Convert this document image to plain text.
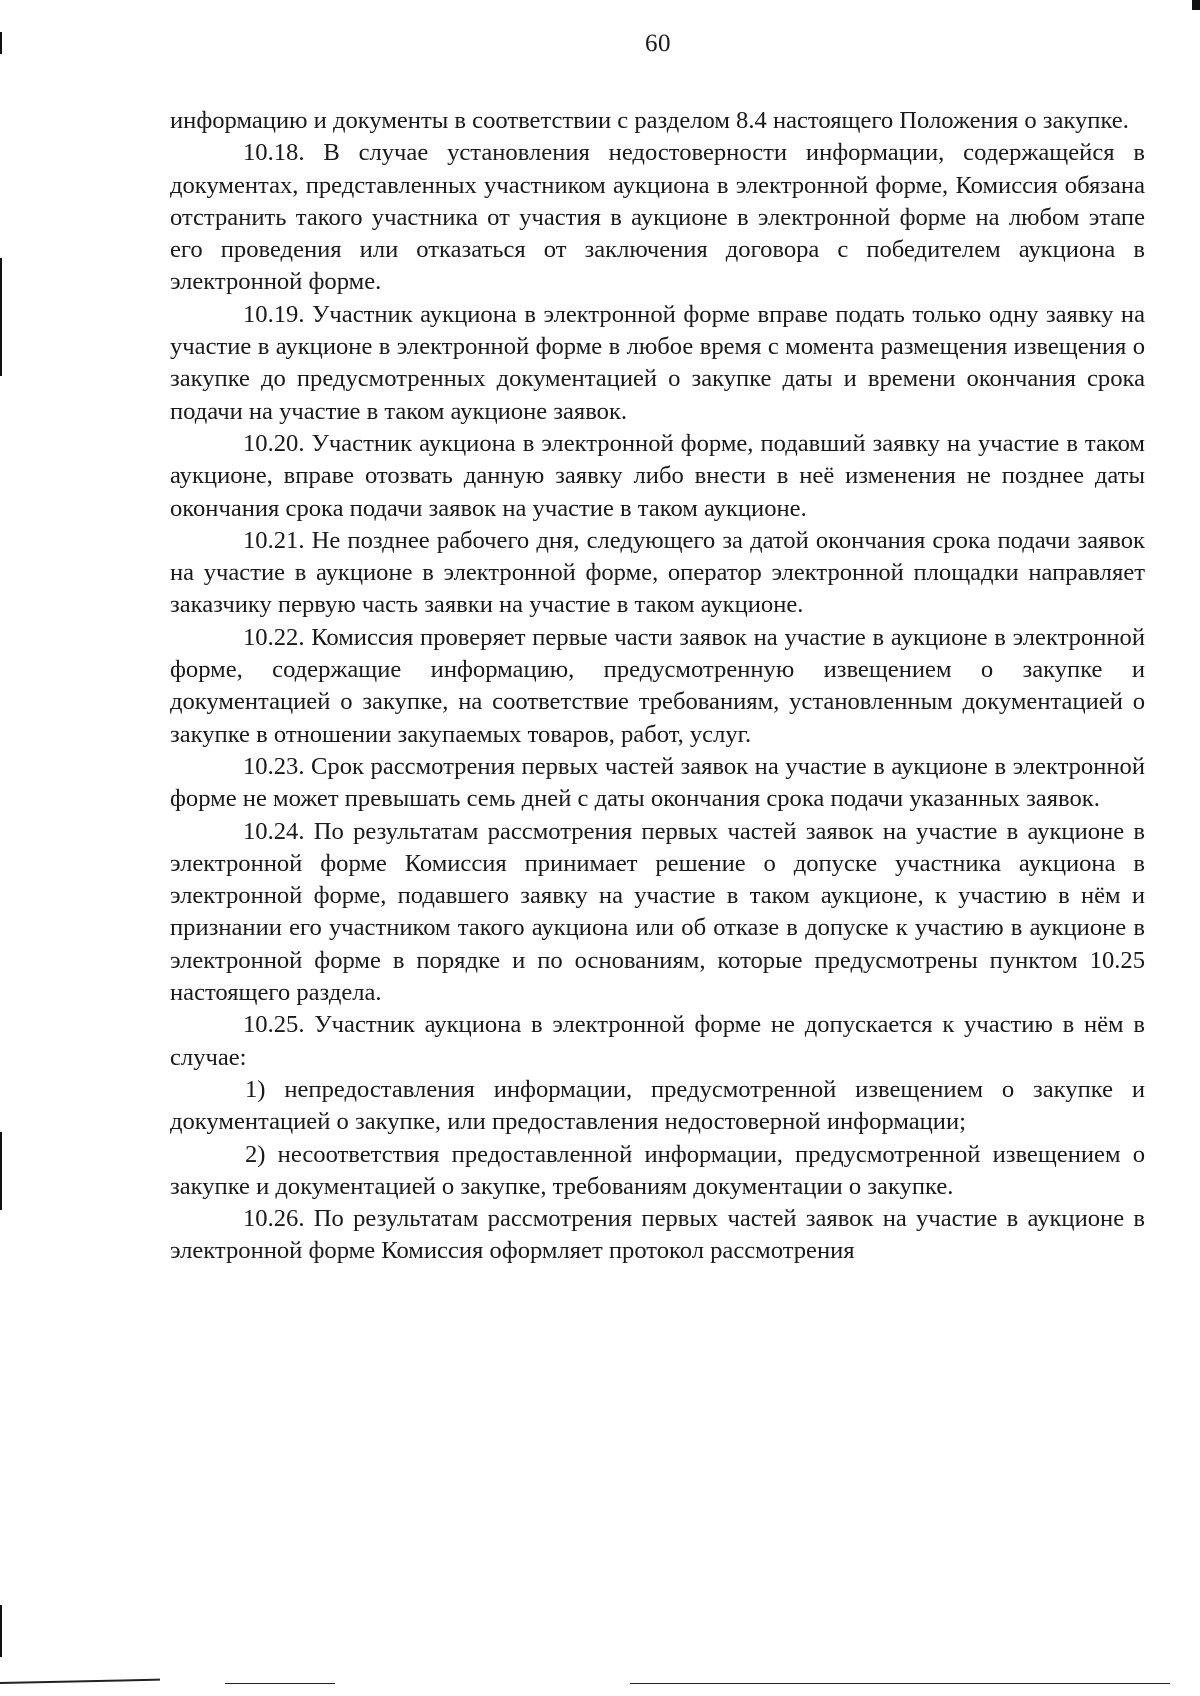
60

информацию и документы в соответствии с разделом 8.4 настоящего Положения о закупке.

10.18. В случае установления недостоверности информации, содержащейся в документах, представленных участником аукциона в электронной форме, Комиссия обязана отстранить такого участника от участия в аукционе в электронной форме на любом этапе его проведения или отказаться от заключения договора с победителем аукциона в электронной форме.

10.19. Участник аукциона в электронной форме вправе подать только одну заявку на участие в аукционе в электронной форме в любое время с момента размещения извещения о закупке до предусмотренных документацией о закупке даты и времени окончания срока подачи на участие в таком аукционе заявок.

10.20. Участник аукциона в электронной форме, подавший заявку на участие в таком аукционе, вправе отозвать данную заявку либо внести в неё изменения не позднее даты окончания срока подачи заявок на участие в таком аукционе.

10.21. Не позднее рабочего дня, следующего за датой окончания срока подачи заявок на участие в аукционе в электронной форме, оператор электронной площадки направляет заказчику первую часть заявки на участие в таком аукционе.

10.22. Комиссия проверяет первые части заявок на участие в аукционе в электронной форме, содержащие информацию, предусмотренную извещением о закупке и документацией о закупке, на соответствие требованиям, установленным документацией о закупке в отношении закупаемых товаров, работ, услуг.

10.23. Срок рассмотрения первых частей заявок на участие в аукционе в электронной форме не может превышать семь дней с даты окончания срока подачи указанных заявок.

10.24. По результатам рассмотрения первых частей заявок на участие в аукционе в электронной форме Комиссия принимает решение о допуске участника аукциона в электронной форме, подавшего заявку на участие в таком аукционе, к участию в нём и признании его участником такого аукциона или об отказе в допуске к участию в аукционе в электронной форме в порядке и по основаниям, которые предусмотрены пунктом 10.25 настоящего раздела.

10.25. Участник аукциона в электронной форме не допускается к участию в нём в случае:

1) непредоставления информации, предусмотренной извещением о закупке и документацией о закупке, или предоставления недостоверной информации;

2) несоответствия предоставленной информации, предусмотренной извещением о закупке и документацией о закупке, требованиям документации о закупке.

10.26. По результатам рассмотрения первых частей заявок на участие в аукционе в электронной форме Комиссия оформляет протокол рассмотрения
